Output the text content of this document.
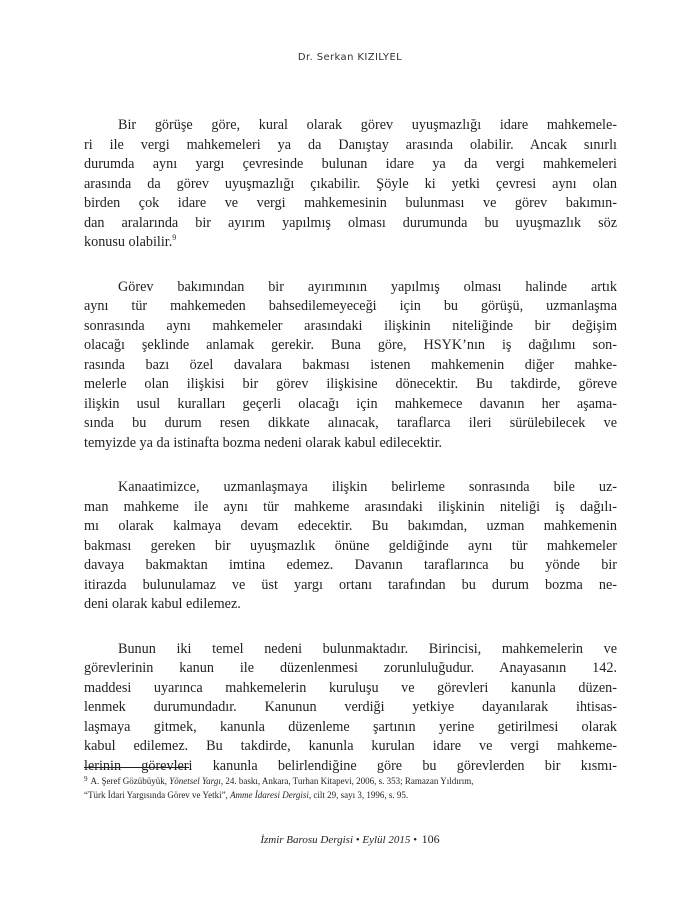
Dr. Serkan KIZILYEL
Bir görüşe göre, kural olarak görev uyuşmazlığı idare mahkemele-
ri ile vergi mahkemeleri ya da Danıştay arasında olabilir. Ancak sınırlı
durumda aynı yargı çevresinde bulunan idare ya da vergi mahkemeleri
arasında da görev uyuşmazlığı çıkabilir. Şöyle ki yetki çevresi aynı olan
birden çok idare ve vergi mahkemesinin bulunması ve görev bakımın-
dan aralarında bir ayırım yapılmış olması durumunda bu uyuşmazlık söz
konusu olabilir.$^9$
Görev bakımından bir ayırımının yapılmış olması halinde artık
aynı tür mahkemeden bahsedilemeyeceği için bu görüşü, uzmanlaşma
sonrasında aynı mahkemeler arasındaki ilişkinin niteliğinde bir değişim
olacağı şeklinde anlamak gerekir. Buna göre, HSYK’nın iş dağılımı son-
rasında bazı özel davalara bakması istenen mahkemenin diğer mahke-
melerle olan ilişkisi bir görev ilişkisine dönecektir. Bu takdirde, göreve
ilişkin usul kuralları geçerli olacağı için mahkemece davanın her aşama-
sında bu durum resen dikkate alınacak, taraflarca ileri sürülebilecek ve
temyizde ya da istinafta bozma nedeni olarak kabul edilecektir.
Kanaatimizce, uzmanlaşmaya ilişkin belirleme sonrasında bile uz-
man mahkeme ile aynı tür mahkeme arasındaki ilişkinin niteliği iş dağılı-
mı olarak kalmaya devam edecektir. Bu bakımdan, uzman mahkemenin
bakması gereken bir uyuşmazlık önüne geldiğinde aynı tür mahkemeler
davaya bakmaktan imtina edemez. Davanın taraflarınca bu yönde bir
itirazda bulunulamaz ve üst yargı ortanı tarafından bu durum bozma ne-
deni olarak kabul edilemez.
Bunun iki temel nedeni bulunmaktadır. Birincisi, mahkemelerin ve
görevlerinin kanun ile düzenlenmesi zorunluluğudur. Anayasanın 142.
maddesi uyarınca mahkemelerin kuruluşu ve görevleri kanunla düzen-
lenmek durumundadır. Kanunun verdiği yetkiye dayanılarak ihtisas-
laşmaya gitmek, kanunla düzenleme şartının yerine getirilmesi olarak
kabul edilemez. Bu takdirde, kanunla kurulan idare ve vergi mahkeme-
lerinin görevleri kanunla belirlendiğine göre bu görevlerden bir kısmı-
$^9$ A. Şeref Gözübüyük, Yönetsel Yargı, 24. baskı, Ankara, Turhan Kitapevi, 2006, s. 353; Ramazan Yıldırım,
“Türk İdari Yargısında Görev ve Yetki”, Amme İdaresi Dergisi, cilt 29, sayı 3, 1996, s. 95.
İzmir Barosu Dergisi • Eylül 2015 • 106
